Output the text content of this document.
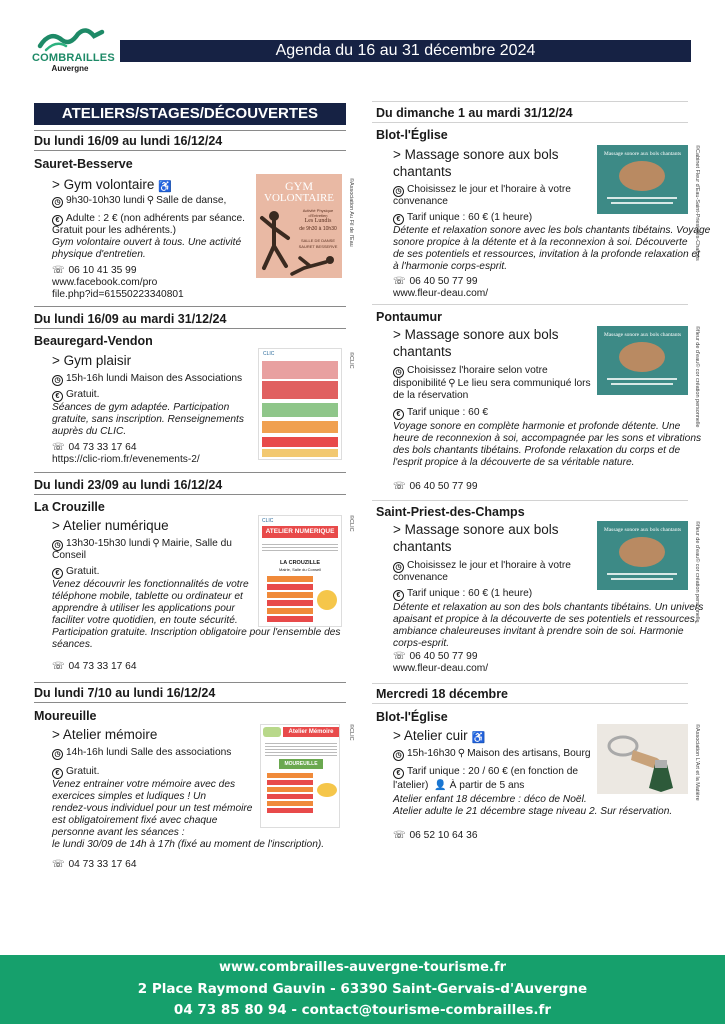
COMBRAILLES
Auvergne
Agenda du 16 au 31 décembre 2024
ATELIERS/STAGES/DÉCOUVERTES
Du lundi 16/09 au lundi 16/12/24
Sauret-Besserve
> Gym volontaire ♿
◷ 9h30-10h30 lundi ⚲ Salle de danse,
€ Adulte : 2 € (non adhérents par séance.
Gratuit pour les adhérents.)
Gym volontaire ouvert à tous. Une activité
physique d'entretien.
☏ 06 10 41 35 99
www.facebook.com/pro
file.php?id=61550223340801
GYM
VOLONTAIRE
Activité Physique d'Entretien
Les Lundis
de 9h30 à 10h30
SALLE DE DANSE
SAURET BESSERVE	©Association Au Fil de l'Eau
Du lundi 16/09 au mardi 31/12/24
Beauregard-Vendon
> Gym plaisir
◷ 15h-16h lundi Maison des Associations
€ Gratuit.
Séances de gym adaptée. Participation
gratuite, sans inscription. Renseignements
auprès du CLIC.
☏ 04 73 33 17 64
https://clic-riom.fr/evenements-2/
CLIC	©CLIC
Du lundi 23/09 au lundi 16/12/24
La Crouzille
> Atelier numérique
◷ 13h30-15h30 lundi ⚲ Mairie, Salle du
Conseil
€ Gratuit.
Venez découvrir les fonctionnalités de votre
téléphone mobile, tablette ou ordinateur et
apprendre à utiliser les applications pour
faciliter votre quotidien, en toute sécurité.
Participation gratuite. Inscription obligatoire pour l'ensemble des
séances.
☏ 04 73 33 17 64
CLIC
ATELIER NUMERIQUE
LA CROUZILLE
Mairie, Salle du Conseil
©CLIC
Du lundi 7/10 au lundi 16/12/24
Moureuille
> Atelier mémoire
◷ 14h-16h lundi Salle des associations
€ Gratuit.
Venez entrainer votre mémoire avec des
exercices simples et ludiques ! Un
rendez-vous individuel pour un test mémoire
est obligatoirement fixé avec chaque
personne avant les séances :
le lundi 30/09 de 14h à 17h (fixé au moment de l'inscription).
☏ 04 73 33 17 64
Atelier Mémoire
MOUREUILLE
©CLIC
Du dimanche 1 au mardi 31/12/24
Blot-l'Église
> Massage sonore aux bols
chantants
◷ Choisissez le jour et l'horaire à votre
convenance
€ Tarif unique : 60 € (1 heure)
Détente et relaxation sonore avec les bols chantants tibétains. Voyage
sonore propice à la détente et à la reconnexion à soi. Découverte
de ses potentiels et ressources, invitation à la profonde relaxation et
à l'harmonie corps-esprit.
☏ 06 40 50 77 99
www.fleur-deau.com/
Massage sonore aux bols chantants	©Cabinet Fleur d'Eau-Saint-Priest-des-Champs
Pontaumur
> Massage sonore aux bols
chantants
◷ Choisissez l'horaire selon votre
disponibilité ⚲ Le lieu sera communiqué lors
de la réservation
€ Tarif unique : 60 €
Voyage sonore en complète harmonie et profonde détente. Une
heure de reconnexion à soi, accompagnée par les sons et vibrations
des bols chantants tibétains. Profonde relaxation du corps et de
l'esprit propice à la découverte de sa véritable nature.
☏ 06 40 50 77 99
Massage sonore aux bols chantants	©fleur de d'eau© cor création personnelle
Saint-Priest-des-Champs
> Massage sonore aux bols
chantants
◷ Choisissez le jour et l'horaire à votre
convenance
€ Tarif unique : 60 € (1 heure)
Détente et relaxation au son des bols chantants tibétains. Un univers
apaisant et propice à la découverte de ses potentiels et ressources,
ambiance chaleureuses invitant à prendre soin de soi. Harmonie
corps-esprit.
☏ 06 40 50 77 99
www.fleur-deau.com/
Massage sonore aux bols chantants	©fleur de d'eau© cor création personnelle
Mercredi 18 décembre
Blot-l'Église
> Atelier cuir ♿
◷ 15h-16h30 ⚲ Maison des artisans, Bourg
€ Tarif unique : 20 / 60 € (en fonction de
l'atelier) 👤 À partir de 5 ans
Atelier enfant 18 décembre : déco de Noël.
Atelier adulte le 21 décembre stage niveau 2. Sur réservation.
☏ 06 52 10 64 36
©Association L'Art et la Matière
www.combrailles-auvergne-tourisme.fr
2 Place Raymond Gauvin - 63390 Saint-Gervais-d'Auvergne
04 73 85 80 94 - contact@tourisme-combrailles.fr
